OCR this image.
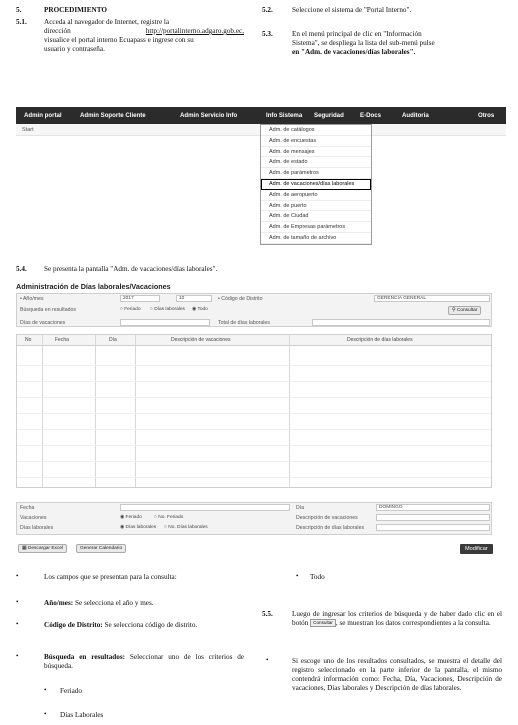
5.	PROCEDIMIENTO
5.1. Acceda al navegador de Internet, registre la
dirección	http://portalinterno.adgaro.gob.ec,
visualice el portal interno Ecuapass e ingrese con su
usuario y contraseña.
5.2.	Seleccione el sistema de "Portal Interno".
5.3.	En el menú principal de clic en "Información
Sistema", se despliega la lista del sub-menú pulse
en "Adm. de vacaciones/días laborales".
Admin portal	Admin Soporte Cliente	Admin Servicio Info	Info Sistema Seguridad	E-Docs	Auditoria	Otros
Start	Adm. de catálogos
Adm. de encuestas
Adm. de mensajes
Adm. de estado
Adm. de parámetros
Adm. de vacaciones/días laborales
Adm. de aeropuerto
Adm. de puerto
Adm. de Ciudad
Adm. de Empresas parámetros
Adm. de tamaño de archivo
5.4. Se presenta la pantalla "Adm. de vacaciones/días laborales".
Administración de Días laborales/Vacaciones
• Año/mes	2017	10	• Código de Distrito	GERENCIA GENERAL
Búsqueda en resultados	○ Feriado ○ Días laborales ◉ Todo	⚲ Consultar
Días de vacaciones	Total de días laborales
No	Fecha	Día	Descripción de vacaciones	Descripción de días laborales
Fecha	Día	DOMINGO
Vacaciones	◉ Feriado	○ No. Feriado	Descripción de vacaciones
Días laborales	◉ Días laborales ○ No. Días laborales	Descripción de días laborales
▦ Descargar Excel	Generar Calendario	Modificar
•	Los campos que se presentan para la consulta:
•	Año/mes: Se selecciona el año y mes.
•	Código de Distrito: Se selecciona código de distrito.
•	Búsqueda en resultados: Seleccionar uno de los criterios de búsqueda.
• Feriado
• Días Laborales
• Todo
5.5.	Luego de ingresar los criterios de búsqueda y de haber dado clic en el botón Consultar , se muestran los datos correspondientes a la consulta.
•	Si escoge uno de los resultados consultados, se muestra el detalle del registro seleccionado en la parte inferior de la pantalla, el mismo contendrá información como: Fecha, Día, Vacaciones, Descripción de vacaciones, Días laborales y Descripción de días laborales.
